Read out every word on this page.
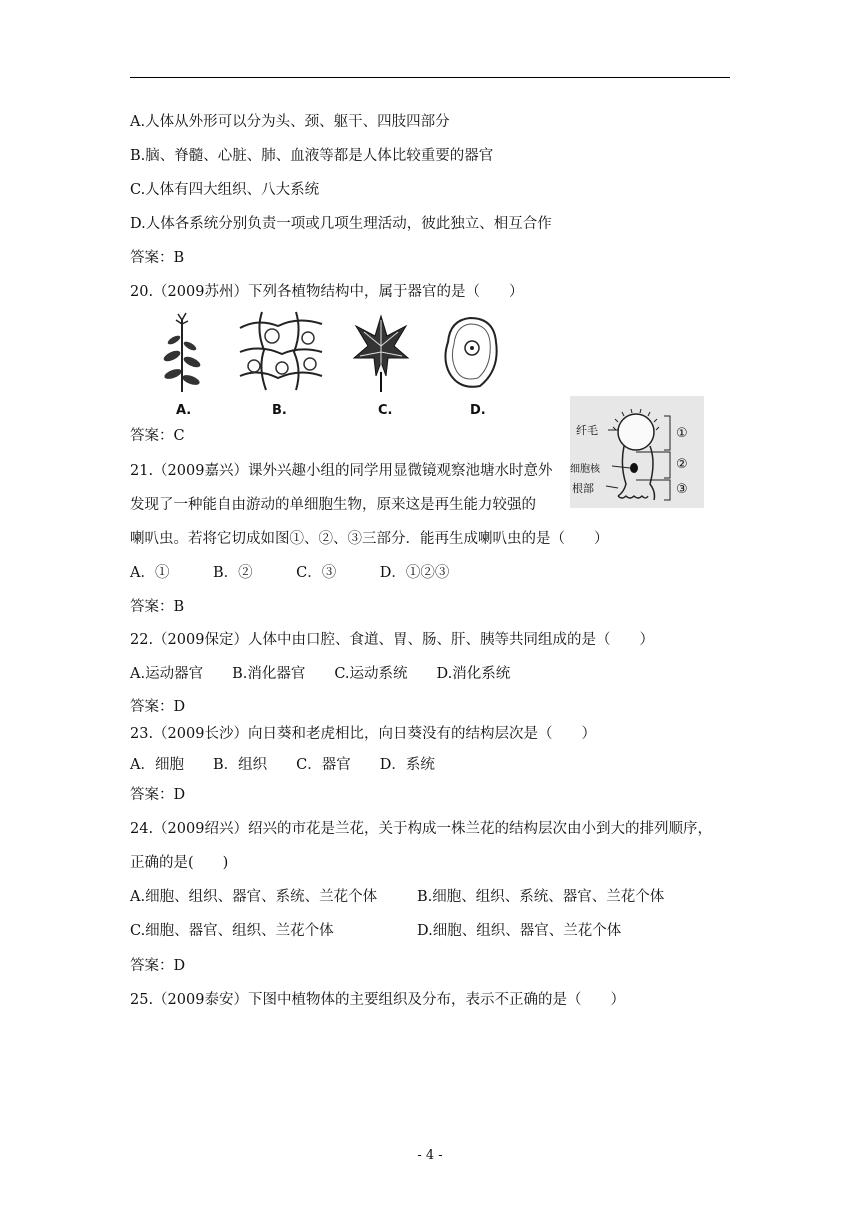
A.人体从外形可以分为头、颈、躯干、四肢四部分
B.脑、脊髓、心脏、肺、血液等都是人体比较重要的器官
C.人体有四大组织、八大系统
D.人体各系统分别负责一项或几项生理活动，彼此独立、相互合作
答案：B
20.（2009苏州）下列各植物结构中，属于器官的是（　　）
A.	B.	C.	D.
答案：C	纤毛
细胞核
根部
①
②
③
21.（2009嘉兴）课外兴趣小组的同学用显微镜观察池塘水时意外
发现了一种能自由游动的单细胞生物，原来这是再生能力较强的
喇叭虫。若将它切成如图①、②、③三部分．能再生成喇叭虫的是（　　）
A．①　　　B．②　　　C．③　　　D．①②③
答案：B
22.（2009保定）人体中由口腔、食道、胃、肠、肝、胰等共同组成的是（　　）
A.运动器官　　B.消化器官　　C.运动系统　　D.消化系统
答案：D
23.（2009长沙）向日葵和老虎相比，向日葵没有的结构层次是（　　）
A．细胞　　B．组织　　C．器官　　D．系统
答案：D
24.（2009绍兴）绍兴的市花是兰花，关于构成一株兰花的结构层次由小到大的排列顺序，
正确的是(　　)
A.细胞、组织、器官、系统、兰花个体	B.细胞、组织、系统、器官、兰花个体
C.细胞、器官、组织、兰花个体	D.细胞、组织、器官、兰花个体
答案：D
25.（2009泰安）下图中植物体的主要组织及分布，表示不正确的是（　　）
- 4 -
